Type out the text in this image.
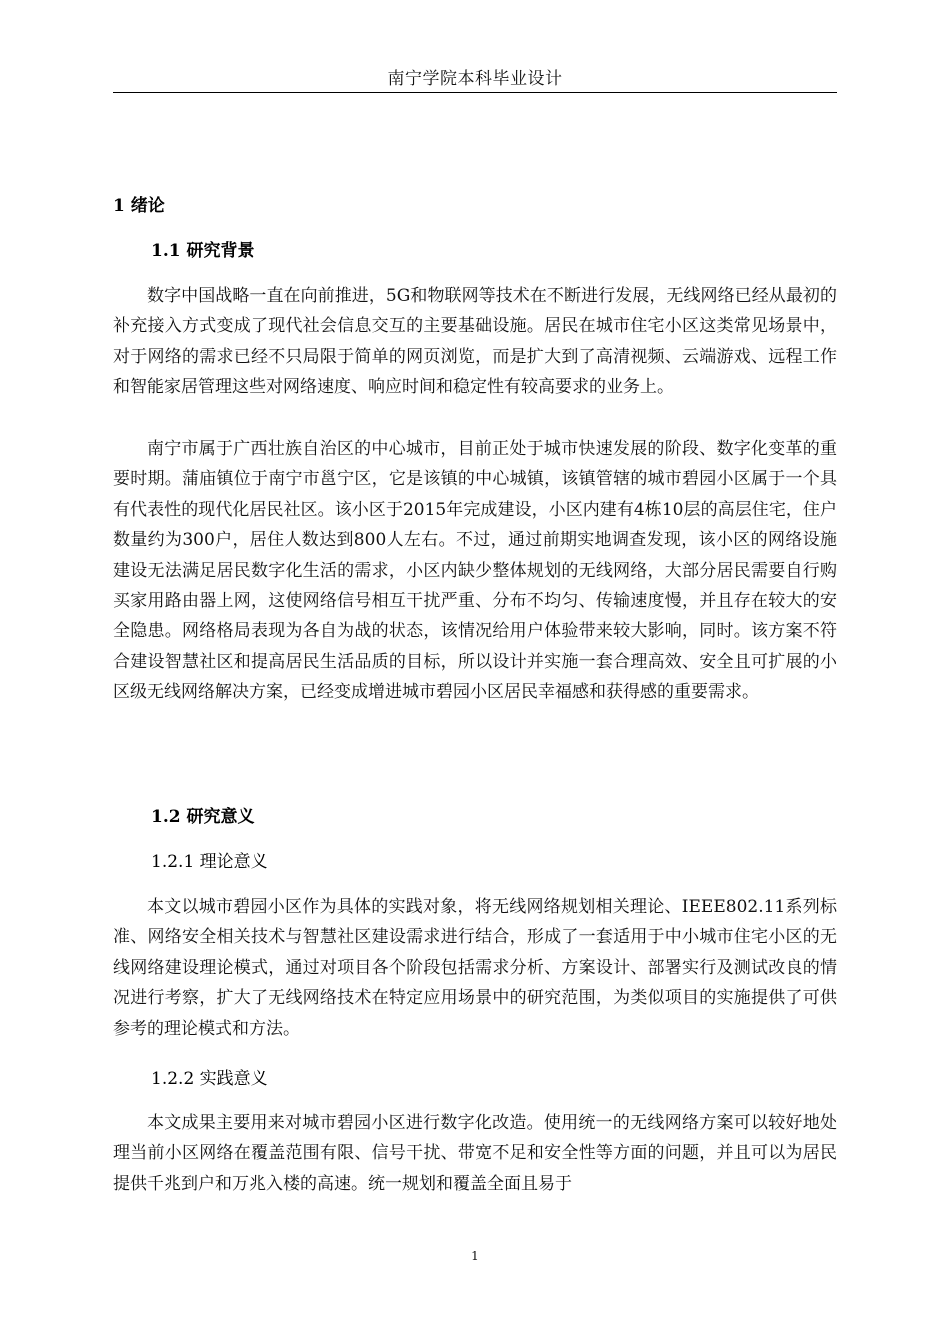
南宁学院本科毕业设计
1 绪论
1.1 研究背景

数字中国战略一直在向前推进，5G和物联网等技术在不断进行发展，无线网络已经从最初的补充接入方式变成了现代社会信息交互的主要基础设施。居民在城市住宅小区这类常见场景中，对于网络的需求已经不只局限于简单的网页浏览，而是扩大到了高清视频、云端游戏、远程工作和智能家居管理这些对网络速度、响应时间和稳定性有较高要求的业务上。

南宁市属于广西壮族自治区的中心城市，目前正处于城市快速发展的阶段、数字化变革的重要时期。蒲庙镇位于南宁市邕宁区，它是该镇的中心城镇，该镇管辖的城市碧园小区属于一个具有代表性的现代化居民社区。该小区于2015年完成建设，小区内建有4栋10层的高层住宅，住户数量约为300户，居住人数达到800人左右。不过，通过前期实地调查发现，该小区的网络设施建设无法满足居民数字化生活的需求，小区内缺少整体规划的无线网络，大部分居民需要自行购买家用路由器上网，这使网络信号相互干扰严重、分布不均匀、传输速度慢，并且存在较大的安全隐患。网络格局表现为各自为战的状态，该情况给用户体验带来较大影响，同时。该方案不符合建设智慧社区和提高居民生活品质的目标，所以设计并实施一套合理高效、安全且可扩展的小区级无线网络解决方案，已经变成增进城市碧园小区居民幸福感和获得感的重要需求。

1.2 研究意义
1.2.1 理论意义

本文以城市碧园小区作为具体的实践对象，将无线网络规划相关理论、IEEE802.11系列标准、网络安全相关技术与智慧社区建设需求进行结合，形成了一套适用于中小城市住宅小区的无线网络建设理论模式，通过对项目各个阶段包括需求分析、方案设计、部署实行及测试改良的情况进行考察，扩大了无线网络技术在特定应用场景中的研究范围，为类似项目的实施提供了可供参考的理论模式和方法。

1.2.2 实践意义

本文成果主要用来对城市碧园小区进行数字化改造。使用统一的无线网络方案可以较好地处理当前小区网络在覆盖范围有限、信号干扰、带宽不足和安全性等方面的问题，并且可以为居民提供千兆到户和万兆入楼的高速。统一规划和覆盖全面且易于

1
